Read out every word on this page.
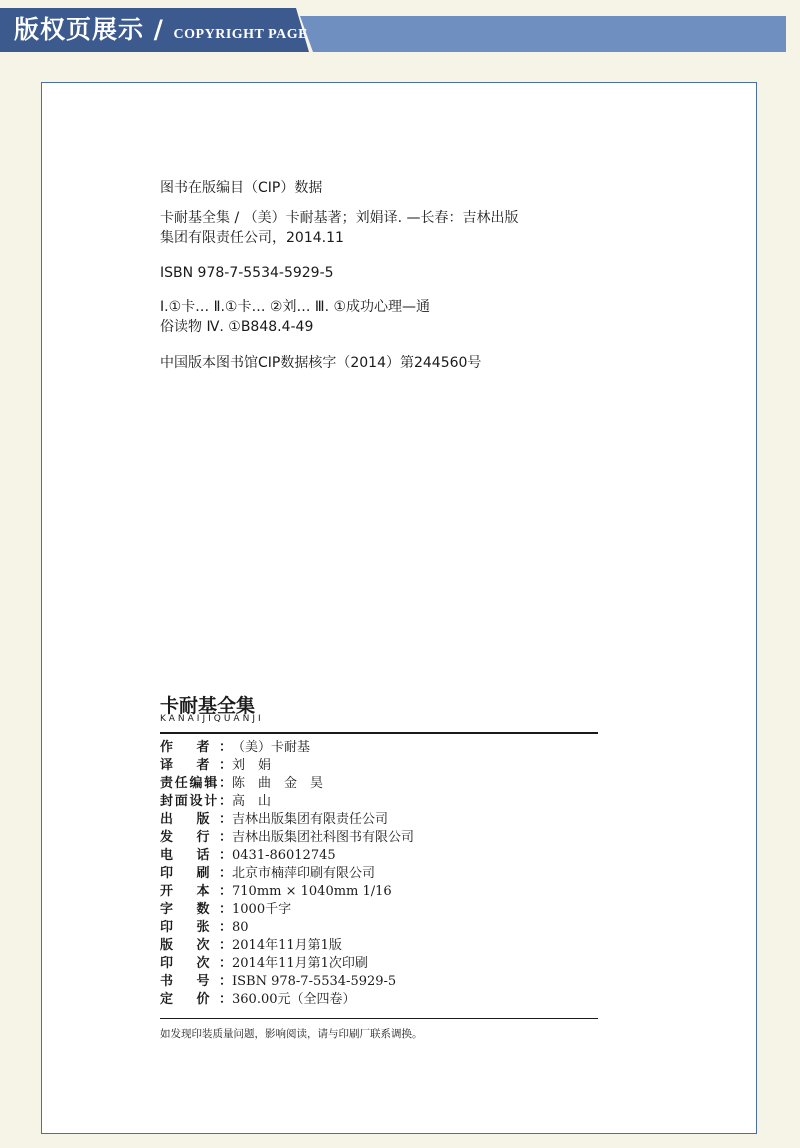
版权页展示 / COPYRIGHT PAGE
图书在版编目（CIP）数据
卡耐基全集 / （美）卡耐基著；刘娟译. —长春：吉林出版
集团有限责任公司，2014.11
ISBN 978-7-5534-5929-5
Ⅰ.①卡… Ⅱ.①卡… ②刘… Ⅲ. ①成功心理—通
俗读物 Ⅳ. ①B848.4-49
中国版本图书馆CIP数据核字（2014）第244560号
卡耐基全集
KANAIJIQUANJI
作 者：（美）卡耐基
译 者：刘　娟
责任编辑：陈　曲　金　昊
封面设计：高　山
出 版：吉林出版集团有限责任公司
发 行：吉林出版集团社科图书有限公司
电 话：0431-86012745
印 刷：北京市楠萍印刷有限公司
开 本：710mm × 1040mm 1/16
字 数：1000千字
印 张：80
版 次：2014年11月第1版
印 次：2014年11月第1次印刷
书 号：ISBN 978-7-5534-5929-5
定 价：360.00元（全四卷）
如发现印装质量问题，影响阅读，请与印刷厂联系调换。
